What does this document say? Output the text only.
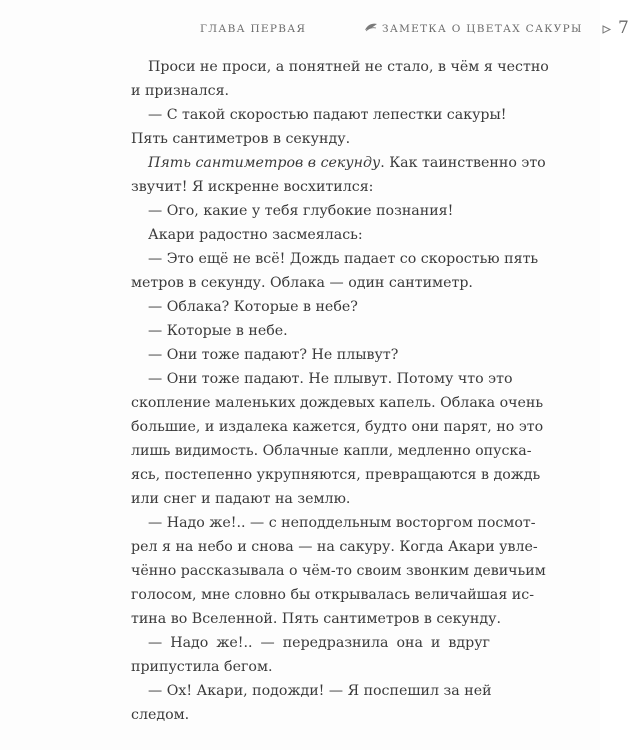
ГЛАВА ПЕРВАЯ	ЗАМЕТКА О ЦВЕТАХ САКУРЫ 7
Проси не проси, а понятней не стало, в чём я честно
и признался.
— С такой скоростью падают лепестки сакуры!
Пять сантиметров в секунду.
Пять сантиметров в секунду. Как таинственно это
звучит! Я искренне восхитился:
— Ого, какие у тебя глубокие познания!
Акари радостно засмеялась:
— Это ещё не всё! Дождь падает со скоростью пять
метров в секунду. Облака — один сантиметр.
— Облака? Которые в небе?
— Которые в небе.
— Они тоже падают? Не плывут?
— Они тоже падают. Не плывут. Потому что это
скопление маленьких дождевых капель. Облака очень
большие, и издалека кажется, будто они парят, но это
лишь видимость. Облачные капли, медленно опуска-
ясь, постепенно укрупняются, превращаются в дождь
или снег и падают на землю.
— Надо же!.. — с неподдельным восторгом посмот-
рел я на небо и снова — на сакуру. Когда Акари увле-
чённо рассказывала о чём-то своим звонким девичьим
голосом, мне словно бы открывалась величайшая ис-
тина во Вселенной. Пять сантиметров в секунду.
— Надо же!.. — передразнила она и вдруг припустила бегом.
— Ох! Акари, подожди! — Я поспешил за ней
следом.
